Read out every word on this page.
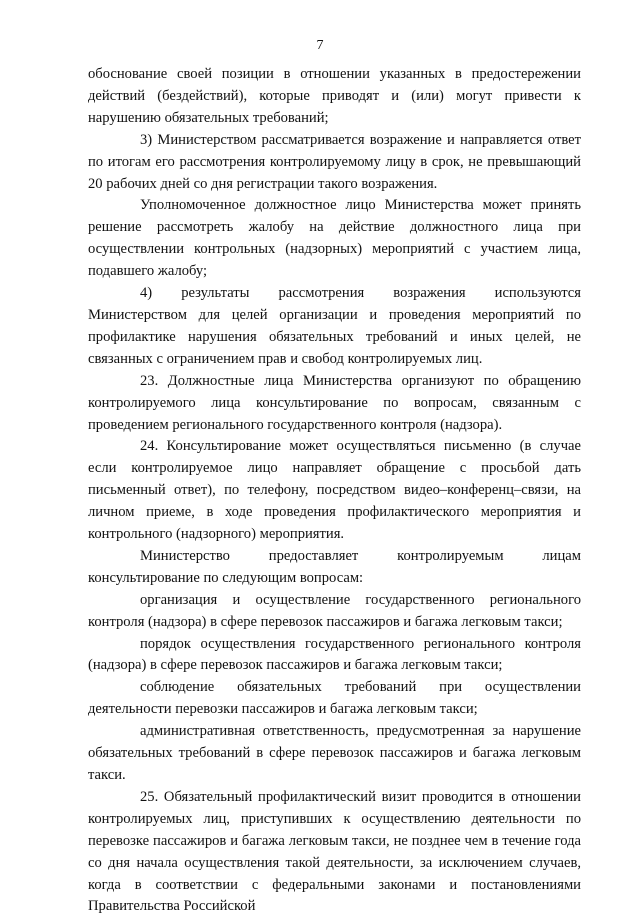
7

обоснование своей позиции в отношении указанных в предостережении действий (бездействий), которые приводят и (или) могут привести к нарушению обязательных требований;

3) Министерством рассматривается возражение и направляется ответ по итогам его рассмотрения контролируемому лицу в срок, не превышающий 20 рабочих дней со дня регистрации такого возражения.

Уполномоченное должностное лицо Министерства может принять решение рассмотреть жалобу на действие должностного лица при осуществлении контрольных (надзорных) мероприятий с участием лица, подавшего жалобу;

4) результаты рассмотрения возражения используются Министерством для целей организации и проведения мероприятий по профилактике нарушения обязательных требований и иных целей, не связанных с ограничением прав и свобод контролируемых лиц.

23. Должностные лица Министерства организуют по обращению контролируемого лица консультирование по вопросам, связанным с проведением регионального государственного контроля (надзора).

24. Консультирование может осуществляться письменно (в случае если контролируемое лицо направляет обращение с просьбой дать письменный ответ), по телефону, посредством видео–конференц–связи, на личном приеме, в ходе проведения профилактического мероприятия и контрольного (надзорного) мероприятия.

Министерство предоставляет контролируемым лицам консультирование по следующим вопросам:

организация и осуществление государственного регионального контроля (надзора) в сфере перевозок пассажиров и багажа легковым такси;

порядок осуществления государственного регионального контроля (надзора) в сфере перевозок пассажиров и багажа легковым такси;

соблюдение обязательных требований при осуществлении деятельности перевозки пассажиров и багажа легковым такси;

административная ответственность, предусмотренная за нарушение обязательных требований в сфере перевозок пассажиров и багажа легковым такси.

25. Обязательный профилактический визит проводится в отношении контролируемых лиц, приступивших к осуществлению деятельности по перевозке пассажиров и багажа легковым такси, не позднее чем в течение года со дня начала осуществления такой деятельности, за исключением случаев, когда в соответствии с федеральными законами и постановлениями Правительства Российской
